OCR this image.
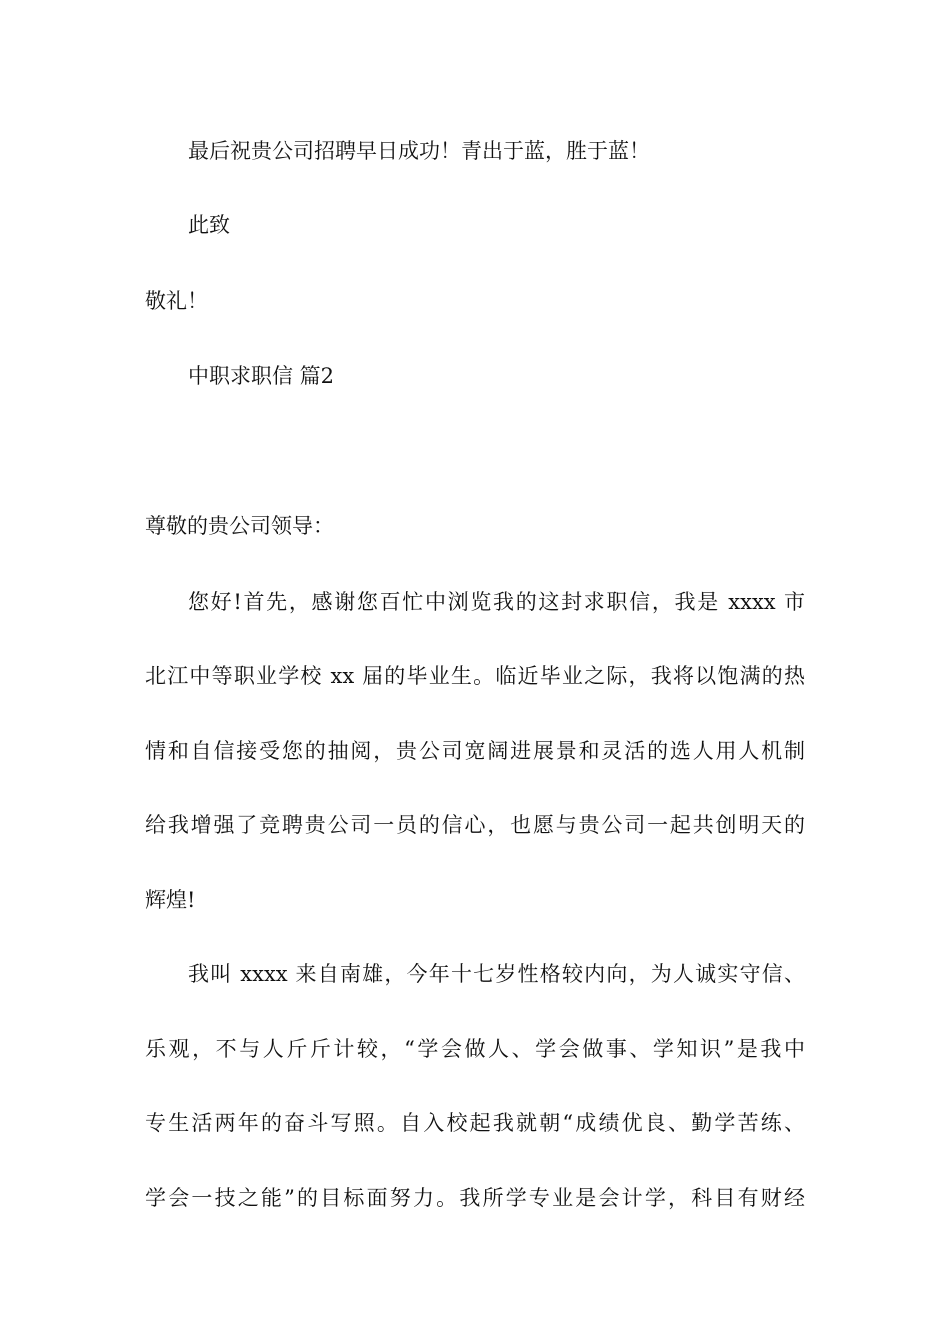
最后祝贵公司招聘早日成功！青出于蓝，胜于蓝！

此致

敬礼！

中职求职信 篇2

尊敬的贵公司领导：

您好!首先，感谢您百忙中浏览我的这封求职信，我是 xxxx 市

北江中等职业学校 xx 届的毕业生。临近毕业之际，我将以饱满的热

情和自信接受您的抽阅，贵公司宽阔进展景和灵活的选人用人机制

给我增强了竞聘贵公司一员的信心，也愿与贵公司一起共创明天的

辉煌!

我叫 xxxx 来自南雄，今年十七岁性格较内向，为人诚实守信、

乐观，不与人斤斤计较，“学会做人、学会做事、学知识”是我中

专生活两年的奋斗写照。自入校起我就朝“成绩优良、勤学苦练、

学会一技之能”的目标面努力。我所学专业是会计学，科目有财经
